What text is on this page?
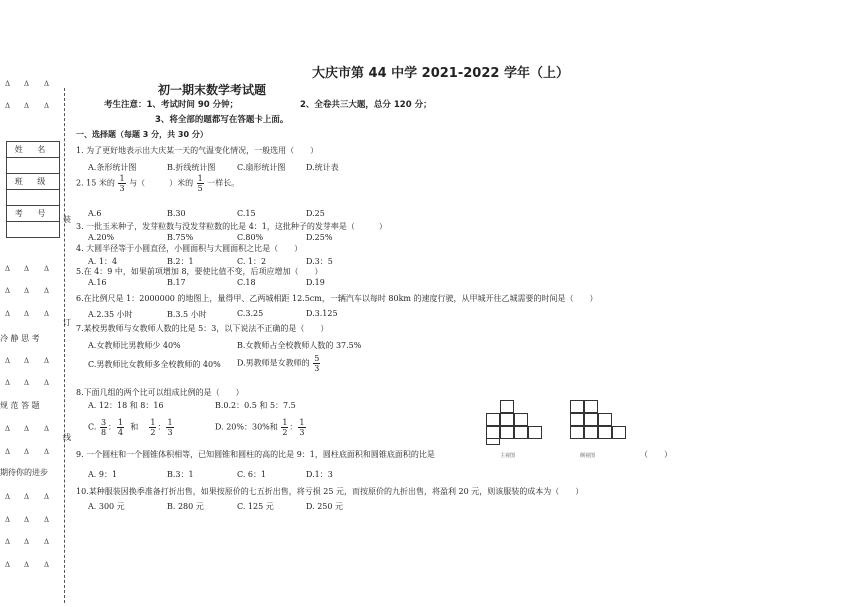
Δ Δ Δ
Δ Δ Δ
Δ Δ Δ
Δ Δ Δ
Δ Δ Δ
Δ Δ Δ
Δ Δ Δ
Δ Δ Δ
Δ Δ Δ
Δ Δ Δ
Δ Δ Δ
Δ Δ Δ
Δ Δ Δ
姓 名

班 级

考 号

装
订
线
冷 静 思 考
规 范 答 题
期待你的进步
大庆市第 44 中学 2021-2022 学年（上）
初一期末数学考试题
考生注意：1、考试时间 90 分钟；	2、全卷共三大题，总分 120 分；
3、将全部的题都写在答题卡上面。
一、选择题（每题 3 分，共 30 分）
1. 为了更好地表示出大庆某一天的气温变化情况，一般选用（　　）
A.条形统计图	B.折线统计图	C.扇形统计图	D.统计表
2. 15 米的 $\frac{1}{3}$ 与（　　　）米的 $\frac{1}{5}$ 一样长。
A.6	B.30	C.15	D.25
3. 一批玉米种子，发芽粒数与没发芽粒数的比是 4：1，这批种子的发芽率是（　　　）
A.20%	B.75%	C.80%	D.25%
4. 大圆半径等于小圆直径，小圆面积与大圆面积之比是（　　）
A. 1：4	B.2：1	C. 1：2	D.3：5
5.在 4：9 中，如果前项增加 8，要使比值不变，后项应增加（　　）
A.16	B.17	C.18	D.19
6.在比例尺是 1：2000000 的地图上，量得甲、乙两城相距 12.5cm，一辆汽车以每时 80km 的速度行驶，从甲城开往乙城需要的时间是（　　）
A.2.35 小时	B.3.5 小时	C.3.25	D.3.125
7.某校男教师与女教师人数的比是 5：3，以下说法不正确的是（　　）
A.女教师比男教师少 40%	B.女教师占全校教师人数的 37.5%
C.男教师比女教师多全校教师的 40% D.男教师是女教师的 $\frac{5}{3}$
8.下面几组的两个比可以组成比例的是（　　）
A. 12：18 和 8：16	B.0.2：0.5 和 5：7.5
C. $\frac{3}{8}$ ： $\frac{1}{4}$ 和 $\frac{1}{2}$ ： $\frac{1}{3}$	D. 20%：30%和 $\frac{1}{2}$ ： $\frac{1}{3}$
主视图	侧视图
9. 一个圆柱和一个圆锥体积相等，已知圆锥和圆柱的高的比是 9：1，圆柱底面积和圆锥底面积的比是	（　　）
A. 9：1	B.3：1	C. 6：1	D.1：3
10.某种服装因换季准备打折出售，如果按原价的七五折出售，将亏损 25 元，而按原价的九折出售，将盈利 20 元，则该服装的成本为（　　）
A. 300 元	B. 280 元	C. 125 元	D. 250 元
